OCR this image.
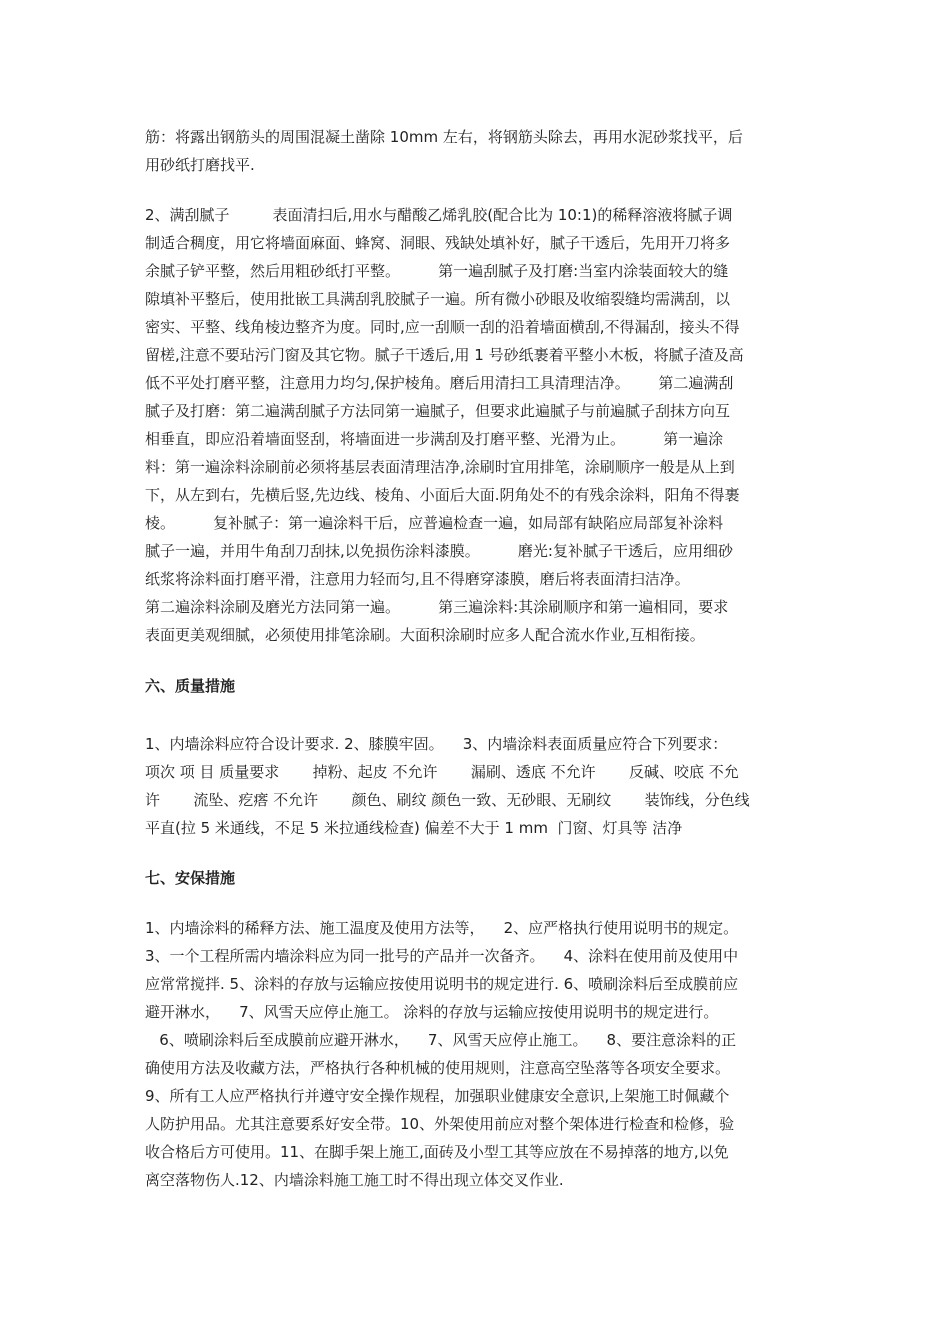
筋：将露出钢筋头的周围混凝土凿除 10mm 左右，将钢筋头除去，再用水泥砂浆找平，后
用砂纸打磨找平.
2、满刮腻子         表面清扫后,用水与醋酸乙烯乳胶(配合比为 10:1)的稀释溶液将腻子调
制适合稠度，用它将墙面麻面、蜂窝、洞眼、残缺处填补好，腻子干透后，先用开刀将多
余腻子铲平整，然后用粗砂纸打平整。        第一遍刮腻子及打磨:当室内涂装面较大的缝
隙填补平整后，使用批嵌工具满刮乳胶腻子一遍。所有微小砂眼及收缩裂缝均需满刮，以
密实、平整、线角棱边整齐为度。同时,应一刮顺一刮的沿着墙面横刮,不得漏刮，接头不得
留槎,注意不要玷污门窗及其它物。腻子干透后,用 1 号砂纸裹着平整小木板，将腻子渣及高
低不平处打磨平整，注意用力均匀,保护棱角。磨后用清扫工具清理洁净。      第二遍满刮
腻子及打磨：第二遍满刮腻子方法同第一遍腻子，但要求此遍腻子与前遍腻子刮抹方向互
相垂直，即应沿着墙面竖刮，将墙面进一步满刮及打磨平整、光滑为止。        第一遍涂
料：第一遍涂料涂刷前必须将基层表面清理洁净,涂刷时宜用排笔，涂刷顺序一般是从上到
下，从左到右，先横后竖,先边线、棱角、小面后大面.阴角处不的有残余涂料，阳角不得裹
棱。        复补腻子：第一遍涂料干后，应普遍检查一遍，如局部有缺陷应局部复补涂料
腻子一遍，并用牛角刮刀刮抹,以免损伤涂料漆膜。        磨光:复补腻子干透后，应用细砂
纸浆将涂料面打磨平滑，注意用力轻而匀,且不得磨穿漆膜，磨后将表面清扫洁净。
第二遍涂料涂刷及磨光方法同第一遍。        第三遍涂料:其涂刷顺序和第一遍相同，要求
表面更美观细腻，必须使用排笔涂刷。大面积涂刷时应多人配合流水作业,互相衔接。
六、质量措施
1、内墙涂料应符合设计要求. 2、膝膜牢固。    3、内墙涂料表面质量应符合下列要求：
项次 项 目 质量要求       掉粉、起皮 不允许       漏刷、透底 不允许       反碱、咬底 不允
许       流坠、疙瘩 不允许       颜色、刷纹 颜色一致、无砂眼、无刷纹       装饰线，分色线
平直(拉 5 米通线，不足 5 米拉通线检查) 偏差不大于 1 mm  门窗、灯具等 洁净
七、安保措施
1、内墙涂料的稀释方法、施工温度及使用方法等，    2、应严格执行使用说明书的规定。
3、一个工程所需内墙涂料应为同一批号的产品并一次备齐。    4、涂料在使用前及使用中
应常常搅拌. 5、涂料的存放与运输应按使用说明书的规定进行. 6、喷刷涂料后至成膜前应
避开淋水，    7、风雪天应停止施工。 涂料的存放与运输应按使用说明书的规定进行。
6、喷刷涂料后至成膜前应避开淋水，    7、风雪天应停止施工。    8、要注意涂料的正
确使用方法及收藏方法，严格执行各种机械的使用规则，注意高空坠落等各项安全要求。
9、所有工人应严格执行并遵守安全操作规程，加强职业健康安全意识,上架施工时佩藏个
人防护用品。尤其注意要系好安全带。10、外架使用前应对整个架体进行检查和检修，验
收合格后方可使用。11、在脚手架上施工,面砖及小型工其等应放在不易掉落的地方,以免
离空落物伤人.12、内墙涂料施工施工时不得出现立体交叉作业.
